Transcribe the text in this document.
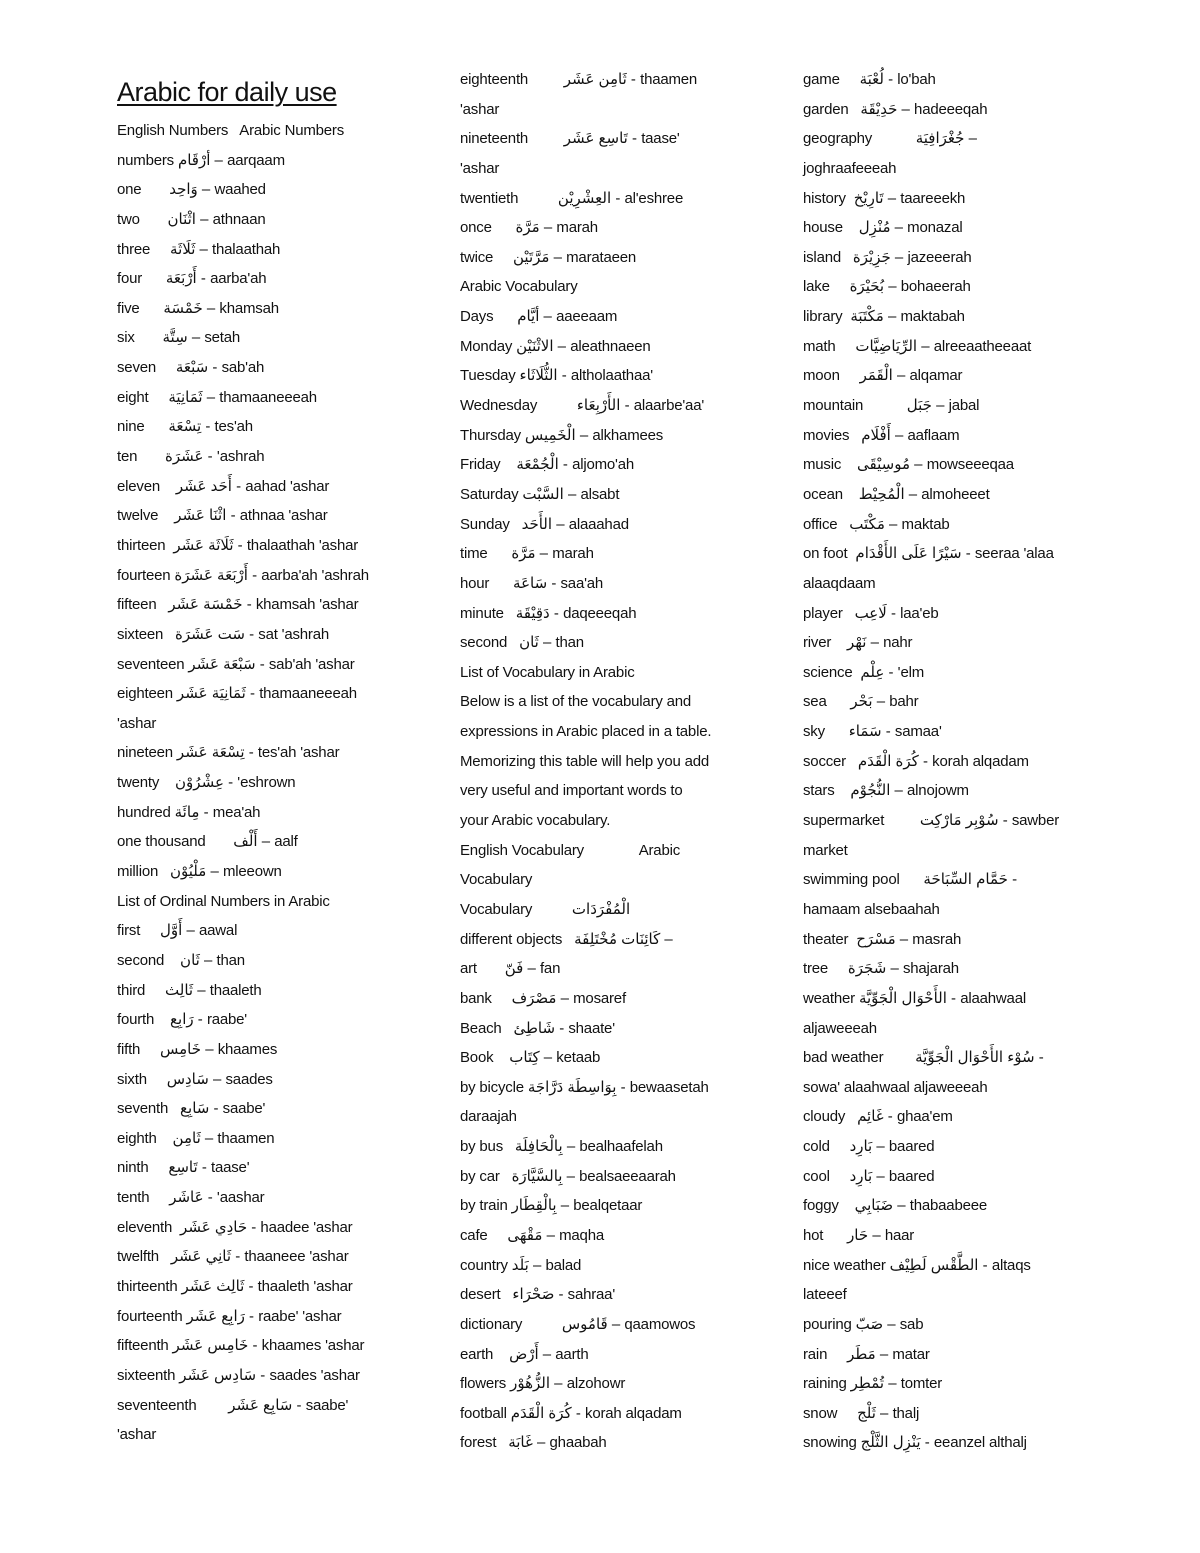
Arabic for daily use
English Numbers   Arabic Numbers
numbers أرْقَام – aarqaam
one       وَاحِد – waahed
two       اثْنَان – athnaan
three     ثَلَاثَة – thalaathah
four      أَرْبَعَة - aarba'ah
five      خَمْسَة – khamsah
six       سِتَّة – setah
seven     سَبْعَة - sab'ah
eight     ثَمَانِيَة – thamaaneeeah
nine      تِسْعَة - tes'ah
ten       عَشَرَة - 'ashrah
eleven    أَحَد عَشَر - aahad 'ashar
twelve    اثْنَا عَشَر - athnaa 'ashar
thirteen  ثَلَاثَة عَشَر - thalaathah 'ashar
fourteen أَرْبَعَة عَشَرَة - aarba'ah 'ashrah
fifteen   خَمْسَة عَشَر - khamsah 'ashar
sixteen   سَت عَشَرَة - sat 'ashrah
seventeen سَبْعَة عَشَر - sab'ah 'ashar
eighteen ثَمَانِيَة عَشَر - thamaaneeeah
'ashar
nineteen تِسْعَة عَشَر - tes'ah 'ashar
twenty    عِشْرُوْن - 'eshrown
hundred مِائَة - mea'ah
one thousand       أَلْف – aalf
million   مَلْيُوْن – mleeown
List of Ordinal Numbers in Arabic
first     أَوَّل – aawal
second    ثَان – than
third     ثَالِث – thaaleth
fourth    رَابِع - raabe'
fifth     خَامِس – khaames
sixth     سَادِس – saades
seventh   سَابِع - saabe'
eighth    ثَامِن – thaamen
ninth     تَاسِع - taase'
tenth     عَاشَر - 'aashar
eleventh  حَادِي عَشَر - haadee 'ashar
twelfth   ثَانِي عَشَر - thaaneee 'ashar
thirteenth ثَالِث عَشَر - thaaleth 'ashar
fourteenth رَابِع عَشَر - raabe' 'ashar
fifteenth خَامِس عَشَر - khaames 'ashar
sixteenth سَادِس عَشَر - saades 'ashar
seventeenth        سَابِع عَشَر - saabe'
'ashar
eighteenth         ثَامِن عَشَر - thaamen
'ashar
nineteenth         تَاسِع عَشَر - taase'
'ashar
twentieth          العِشْرِيْن - al'eshree
once      مَرَّة – marah
twice     مَرَّتَيْن – marataeen
Arabic Vocabulary
Days      أيَّام – aaeeaam
Monday الاثْنَيْن – aleathnaeen
Tuesday الثُّلَاثَاء - altholaathaa'
Wednesday          الأَرْبِعَاء - alaarbe'aa'
Thursday الْخَمِيس – alkhamees
Friday    الْجُمْعَة - aljomo'ah
Saturday السَّبْت – alsabt
Sunday   الأَحَد – alaaahad
time      مَرَّة – marah
hour      سَاعَة - saa'ah
minute   دَقِيْقَة - daqeeeqah
second   ثَان – than
List of Vocabulary in Arabic
Below is a list of the vocabulary and
expressions in Arabic placed in a table.
Memorizing this table will help you add
very useful and important words to
your Arabic vocabulary.
English Vocabulary              Arabic
Vocabulary
Vocabulary          الْمُفْرَدَات
different objects   كَائِنَات مُخْتَلِفَة –
art       فَنّ – fan
bank     مَصْرَف – mosaref
Beach   شَاطِئ - shaate'
Book    كِتَاب – ketaab
by bicycle بِوَاسِطَة دَرَّاجَة - bewaasetah
daraajah
by bus   بِالْحَافِلَة – bealhaafelah
by car   بِالسَّيَّارَة – bealsaeeaarah
by train بِالْقِطَار – bealqetaar
cafe     مَقْهَى – maqha
country بَلَد – balad
desert   صَحْرَاء - sahraa'
dictionary          قَامُوس – qaamowos
earth    أَرْض – aarth
flowers الزُّهُوْر – alzohowr
football كُرَة الْقَدَم - korah alqadam
forest   غَابَة – ghaabah
game     لُعْبَة - lo'bah
garden   حَدِيْقَة – hadeeeqah
geography           جُغْرَافِيَة –
joghraafeeeah
history  تَارِيْخ – taareeekh
house    مُنْزِل – monazal
island   جَزِيْرَة – jazeeerah
lake     بُحَيْرَة – bohaeerah
library  مَكْتَبَة – maktabah
math     الرِّيَاضِيَّات – alreeaatheeaat
moon     الْقَمَر – alqamar
mountain           جَبَل – jabal
movies   أَفْلَام – aaflaam
music    مُوسِيْقَى – mowseeeqaa
ocean    الْمُحِيْط – almoheeet
office   مَكْتَب – maktab
on foot  سَيْرًا عَلَى الأَقْدَام - seeraa 'alaa
alaaqdaam
player   لَاعِب - laa'eb
river    نَهْر – nahr
science  عِلْم - 'elm
sea      بَحْر – bahr
sky      سَمَاء - samaa'
soccer   كُرَة الْقَدَم - korah alqadam
stars    النُّجُوْم – alnojowm
supermarket         سُوْبِر مَارْكِت - sawber
market
swimming pool      حَمَّام السِّبَاحَة -
hamaam alsebaahah
theater  مَسْرَح – masrah
tree     شَجَرَة – shajarah
weather الأَحْوَال الْجَوِّيَّة - alaahwaal
aljaweeeah
bad weather        سُوْء الأَحْوَال الْجَوِّيَّة -
sowa' alaahwaal aljaweeeah
cloudy   غَائِم - ghaa'em
cold     بَارِد – baared
cool     بَارِد – baared
foggy    ضَبَابِي – thabaabeee
hot      حَار – haar
nice weather الطَّقْس لَطِيْف - altaqs
lateeef
pouring صَبّ – sab
rain     مَطَر – matar
raining تُمْطِر – tomter
snow     ثَلْج – thalj
snowing يَنْزِل الثَّلْج - eeanzel althalj
